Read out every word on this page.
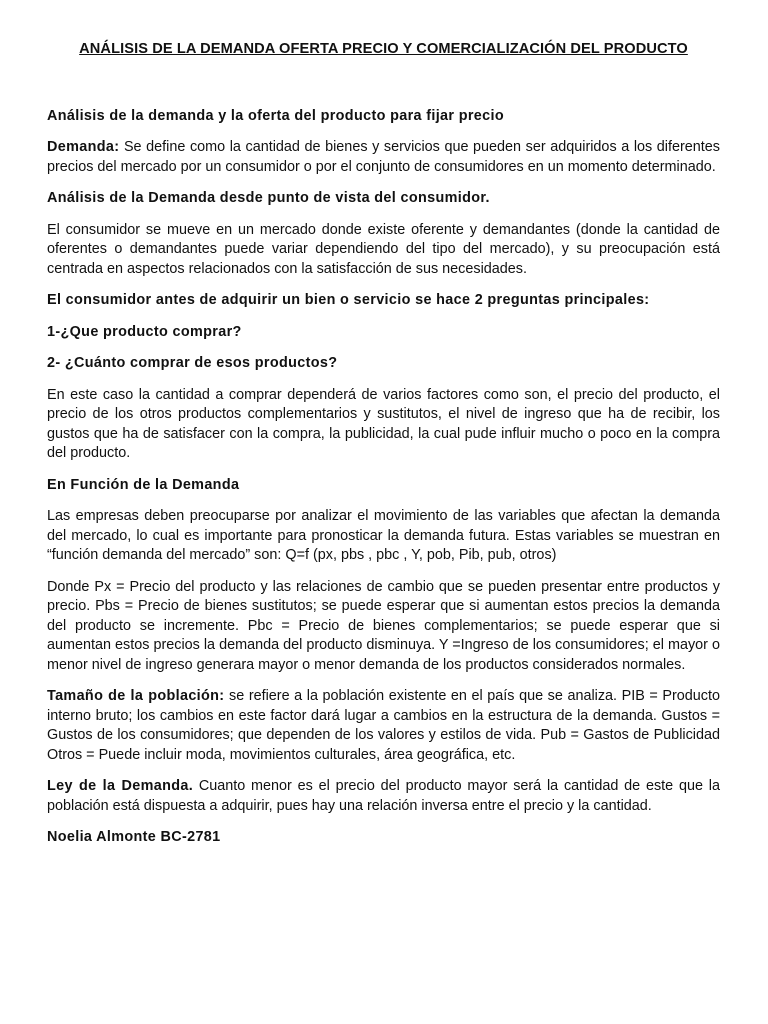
ANÁLISIS DE LA DEMANDA OFERTA PRECIO Y COMERCIALIZACIÓN DEL PRODUCTO

Análisis de la demanda y la oferta del producto para fijar precio

Demanda: Se define como la cantidad de bienes y servicios que pueden ser adquiridos a los diferentes precios del mercado por un consumidor o por el conjunto de consumidores en un momento determinado.

Análisis de la Demanda desde punto de vista del consumidor.

El consumidor se mueve en un mercado donde existe oferente y demandantes (donde la cantidad de oferentes o demandantes puede variar dependiendo del tipo del mercado), y su preocupación está centrada en aspectos relacionados con la satisfacción de sus necesidades.

El consumidor antes de adquirir un bien o servicio se hace 2 preguntas principales:

1-¿Que producto comprar?

2- ¿Cuánto comprar de esos productos?

En este caso la cantidad a comprar dependerá de varios factores como son, el precio del producto, el precio de los otros productos complementarios y sustitutos, el nivel de ingreso que ha de recibir, los gustos que ha de satisfacer con la compra, la publicidad, la cual pude influir mucho o poco en la compra del producto.

En Función de la Demanda

Las empresas deben preocuparse por analizar el movimiento de las variables que afectan la demanda del mercado, lo cual es importante para pronosticar la demanda futura. Estas variables se muestran en “función demanda del mercado” son: Q=f (px, pbs , pbc , Y, pob, Pib, pub, otros)

Donde Px = Precio del producto y las relaciones de cambio que se pueden presentar entre productos y precio. Pbs = Precio de bienes sustitutos; se puede esperar que si aumentan estos precios la demanda del producto se incremente. Pbc = Precio de bienes complementarios; se puede esperar que si aumentan estos precios la demanda del producto disminuya. Y =Ingreso de los consumidores; el mayor o menor nivel de ingreso generara mayor o menor demanda de los productos considerados normales.

Tamaño de la población: se refiere a la población existente en el país que se analiza. PIB = Producto interno bruto; los cambios en este factor dará lugar a cambios en la estructura de la demanda. Gustos = Gustos de los consumidores; que dependen de los valores y estilos de vida. Pub = Gastos de Publicidad Otros = Puede incluir moda, movimientos culturales, área geográfica, etc.

Ley de la Demanda. Cuanto menor es el precio del producto mayor será la cantidad de este que la población está dispuesta a adquirir, pues hay una relación inversa entre el precio y la cantidad.

Noelia Almonte BC-2781
